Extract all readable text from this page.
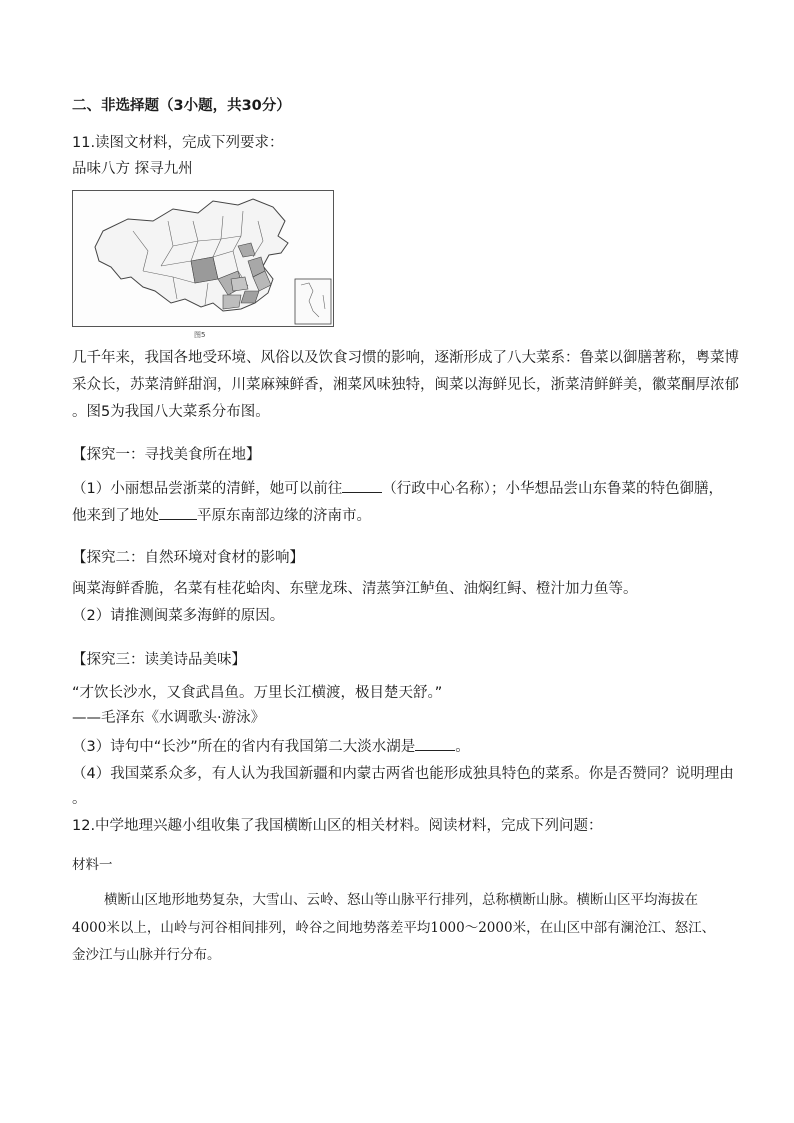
二、非选择题（3小题，共30分）
11.读图文材料，完成下列要求：
品味八方 探寻九州
图5
几千年来，我国各地受环境、风俗以及饮食习惯的影响，逐渐形成了八大菜系：鲁菜以御膳著称，粤菜博
采众长，苏菜清鲜甜润，川菜麻辣鲜香，湘菜风味独特，闽菜以海鲜见长，浙菜清鲜鲜美，徽菜酮厚浓郁
。图5为我国八大菜系分布图。
【探究一：寻找美食所在地】
（1）小丽想品尝浙菜的清鲜，她可以前往	（行政中心名称）；小华想品尝山东鲁菜的特色御膳，
他来到了地处	平原东南部边缘的济南市。
【探究二：自然环境对食材的影响】
闽菜海鲜香脆，名菜有桂花蛤肉、东壁龙珠、清蒸笋江鲈鱼、油焖红鲟、橙汁加力鱼等。
（2）请推测闽菜多海鲜的原因。
【探究三：读美诗品美味】
“才饮长沙水，又食武昌鱼。万里长江横渡，极目楚天舒。”
——毛泽东《水调歌头·游泳》
（3）诗句中“长沙”所在的省内有我国第二大淡水湖是	。
（4）我国菜系众多，有人认为我国新疆和内蒙古两省也能形成独具特色的菜系。你是否赞同？说明理由
。
12.中学地理兴趣小组收集了我国横断山区的相关材料。阅读材料，完成下列问题：
材料一
横断山区地形地势复杂，大雪山、云岭、怒山等山脉平行排列，总称横断山脉。横断山区平均海拔在
4000米以上，山岭与河谷相间排列，岭谷之间地势落差平均1000～2000米，在山区中部有澜沧江、怒江、
金沙江与山脉并行分布。
